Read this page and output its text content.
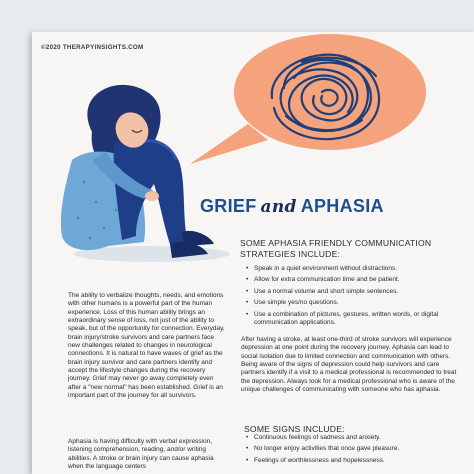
©2020 THERAPYINSIGHTS.COM
GRIEF and APHASIA
SOME APHASIA FRIENDLY COMMUNICATION STRATEGIES INCLUDE:
• Speak in a quiet environment without distractions.
• Allow for extra communication time and be patient.
• Use a normal volume and short simple sentences.
• Use simple yes/no questions.
• Use a combination of pictures, gestures, written words, or digital communication applications.
The ability to verbalize thoughts, needs, and emotions with other humans is a powerful part of the human experience. Loss of this human ability brings an extraordinary sense of loss, not just of the ability to speak, but of the opportunity for connection. Everyday, brain injury/stroke survivors and care partners face new challenges related to changes in neurological connections. It is natural to have waves of grief as the brain injury survivor and care partners identify and accept the lifestyle changes during the recovery journey. Grief may never go away completely even after a "new normal" has been established. Grief is an important part of the journey for all survivors.
Aphasia is having difficulty with verbal expression, listening comprehension, reading, and/or writing abilities. A stroke or brain injury can cause aphasia when the language centers
After having a stroke, at least one-third of stroke survivors will experience depression at one point during the recovery journey. Aphasia can lead to social isolation due to limited connection and communication with others. Being aware of the signs of depression could help survivors and care partners identify if a visit to a medical professional is recommended to treat the depression. Always look for a medical professional who is aware of the unique challenges of communicating with someone who has aphasia.
SOME SIGNS INCLUDE:
• Continuous feelings of sadness and anxiety.
• No longer enjoy activities that once gave pleasure.
• Feelings of worthlessness and hopelessness.
